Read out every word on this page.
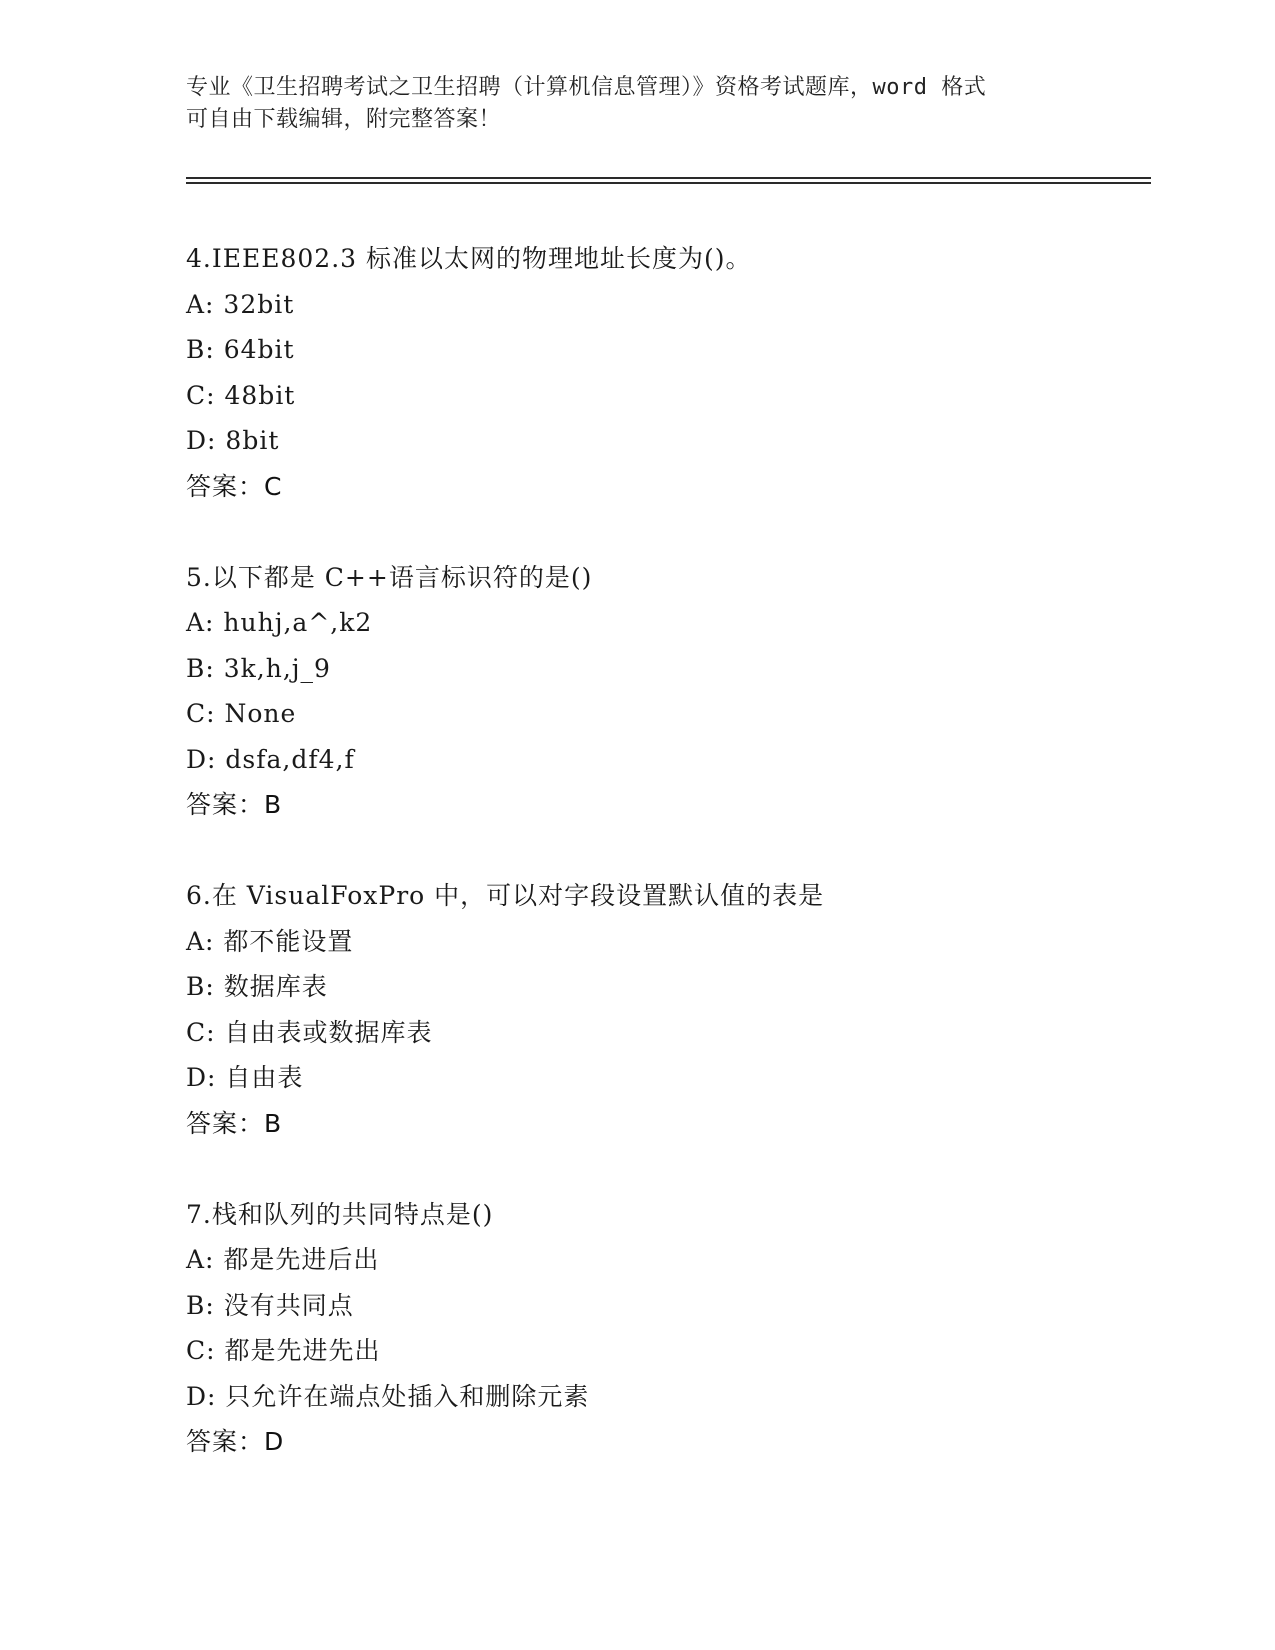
专业《卫生招聘考试之卫生招聘（计算机信息管理）》资格考试题库，word 格式
可自由下载编辑，附完整答案！
4.IEEE802.3 标准以太网的物理地址长度为()。
A: 32bit
B: 64bit
C: 48bit
D: 8bit
答案：C
5.以下都是 C++语言标识符的是()
A: huhj,a^,k2
B: 3k,h,j_9
C: None
D: dsfa,df4,f
答案：B
6.在 VisualFoxPro 中，可以对字段设置默认值的表是
A: 都不能设置
B: 数据库表
C: 自由表或数据库表
D: 自由表
答案：B
7.栈和队列的共同特点是()
A: 都是先进后出
B: 没有共同点
C: 都是先进先出
D: 只允许在端点处插入和删除元素
答案：D
